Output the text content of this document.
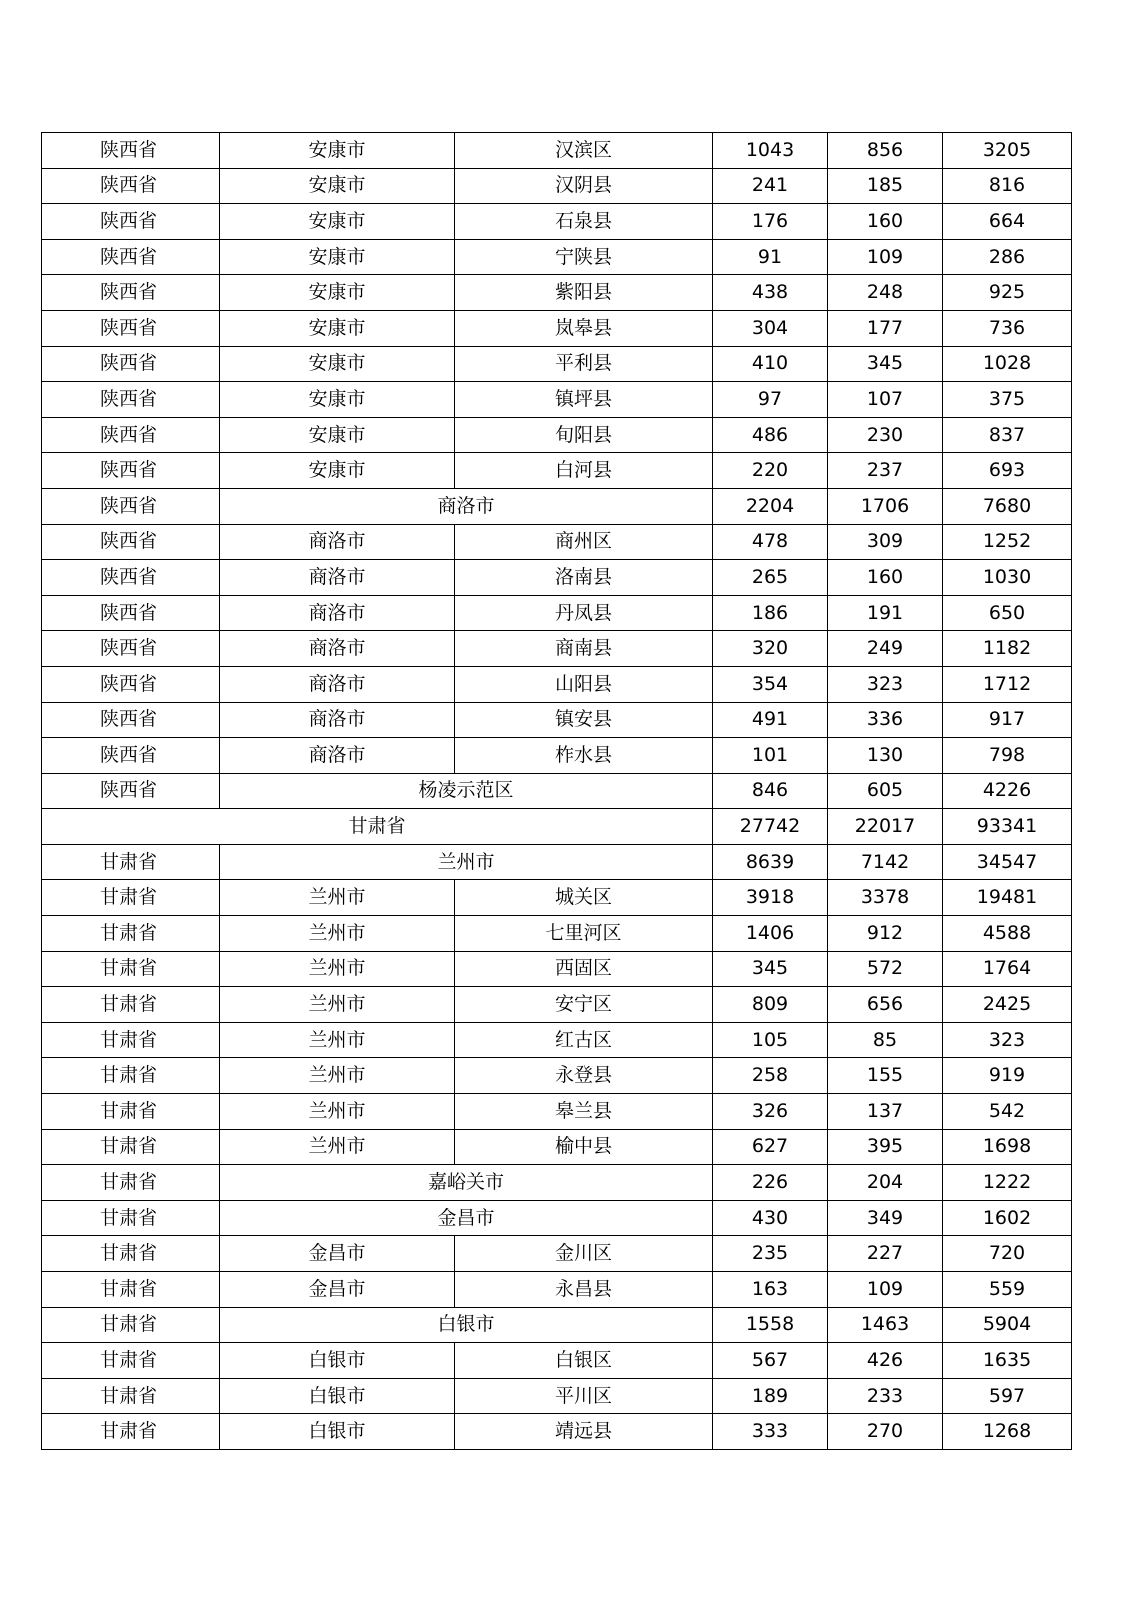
陕西省	安康市	汉滨区	1043	856	3205
陕西省	安康市	汉阴县	241	185	816
陕西省	安康市	石泉县	176	160	664
陕西省	安康市	宁陕县	91	109	286
陕西省	安康市	紫阳县	438	248	925
陕西省	安康市	岚皋县	304	177	736
陕西省	安康市	平利县	410	345	1028
陕西省	安康市	镇坪县	97	107	375
陕西省	安康市	旬阳县	486	230	837
陕西省	安康市	白河县	220	237	693
陕西省	商洛市		2204	1706	7680
陕西省	商洛市	商州区	478	309	1252
陕西省	商洛市	洛南县	265	160	1030
陕西省	商洛市	丹凤县	186	191	650
陕西省	商洛市	商南县	320	249	1182
陕西省	商洛市	山阳县	354	323	1712
陕西省	商洛市	镇安县	491	336	917
陕西省	商洛市	柞水县	101	130	798
陕西省	杨凌示范区		846	605	4226
甘肃省			27742	22017	93341
甘肃省	兰州市		8639	7142	34547
甘肃省	兰州市	城关区	3918	3378	19481
甘肃省	兰州市	七里河区	1406	912	4588
甘肃省	兰州市	西固区	345	572	1764
甘肃省	兰州市	安宁区	809	656	2425
甘肃省	兰州市	红古区	105	85	323
甘肃省	兰州市	永登县	258	155	919
甘肃省	兰州市	皋兰县	326	137	542
甘肃省	兰州市	榆中县	627	395	1698
甘肃省	嘉峪关市		226	204	1222
甘肃省	金昌市		430	349	1602
甘肃省	金昌市	金川区	235	227	720
甘肃省	金昌市	永昌县	163	109	559
甘肃省	白银市		1558	1463	5904
甘肃省	白银市	白银区	567	426	1635
甘肃省	白银市	平川区	189	233	597
甘肃省	白银市	靖远县	333	270	1268
